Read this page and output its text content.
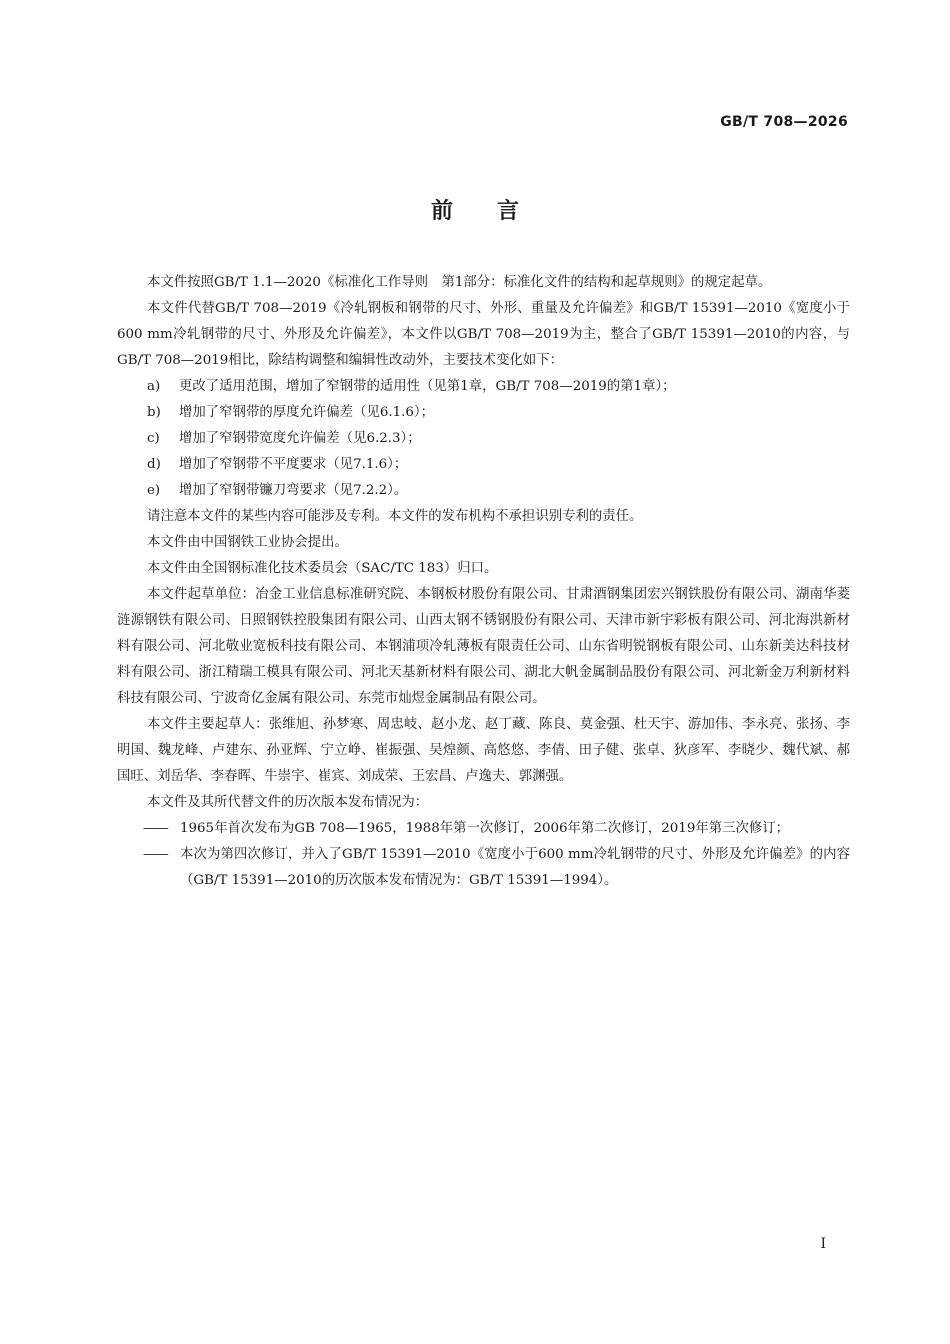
GB/T 708—2026
前言

本文件按照GB/T 1.1—2020《标准化工作导则　第1部分：标准化文件的结构和起草规则》的规定起草。

本文件代替GB/T 708—2019《冷轧钢板和钢带的尺寸、外形、重量及允许偏差》和GB/T 15391—2010《宽度小于600 mm冷轧钢带的尺寸、外形及允许偏差》，本文件以GB/T 708—2019为主，整合了GB/T 15391—2010的内容，与GB/T 708—2019相比，除结构调整和编辑性改动外，主要技术变化如下：

a) 更改了适用范围，增加了窄钢带的适用性（见第1章，GB/T 708—2019的第1章）；
b) 增加了窄钢带的厚度允许偏差（见6.1.6）；
c) 增加了窄钢带宽度允许偏差（见6.2.3）；
d) 增加了窄钢带不平度要求（见7.1.6）；
e) 增加了窄钢带镰刀弯要求（见7.2.2）。

请注意本文件的某些内容可能涉及专利。本文件的发布机构不承担识别专利的责任。

本文件由中国钢铁工业协会提出。

本文件由全国钢标准化技术委员会（SAC/TC 183）归口。

本文件起草单位：冶金工业信息标准研究院、本钢板材股份有限公司、甘肃酒钢集团宏兴钢铁股份有限公司、湖南华菱涟源钢铁有限公司、日照钢铁控股集团有限公司、山西太钢不锈钢股份有限公司、天津市新宇彩板有限公司、河北海洪新材料有限公司、河北敬业宽板科技有限公司、本钢浦项冷轧薄板有限责任公司、山东省明锐钢板有限公司、山东新美达科技材料有限公司、浙江精瑞工模具有限公司、河北天基新材料有限公司、湖北大帆金属制品股份有限公司、河北新金万利新材料科技有限公司、宁波奇亿金属有限公司、东莞市灿煜金属制品有限公司。

本文件主要起草人：张维旭、孙梦寒、周忠岐、赵小龙、赵丁藏、陈良、莫金强、杜天宇、游加伟、李永亮、张扬、李明国、魏龙峰、卢建东、孙亚辉、宁立峥、崔振强、吴煌颜、高悠悠、李倩、田子健、张卓、狄彦军、李晓少、魏代斌、郝国旺、刘岳华、李春晖、牛崇宇、崔宾、刘成荣、王宏昌、卢逸夫、郭渊强。

本文件及其所代替文件的历次版本发布情况为：

—— 1965年首次发布为GB 708—1965，1988年第一次修订，2006年第二次修订，2019年第三次修订；
—— 本次为第四次修订，并入了GB/T 15391—2010《宽度小于600 mm冷轧钢带的尺寸、外形及允许偏差》的内容（GB/T 15391—2010的历次版本发布情况为：GB/T 15391—1994）。
I
